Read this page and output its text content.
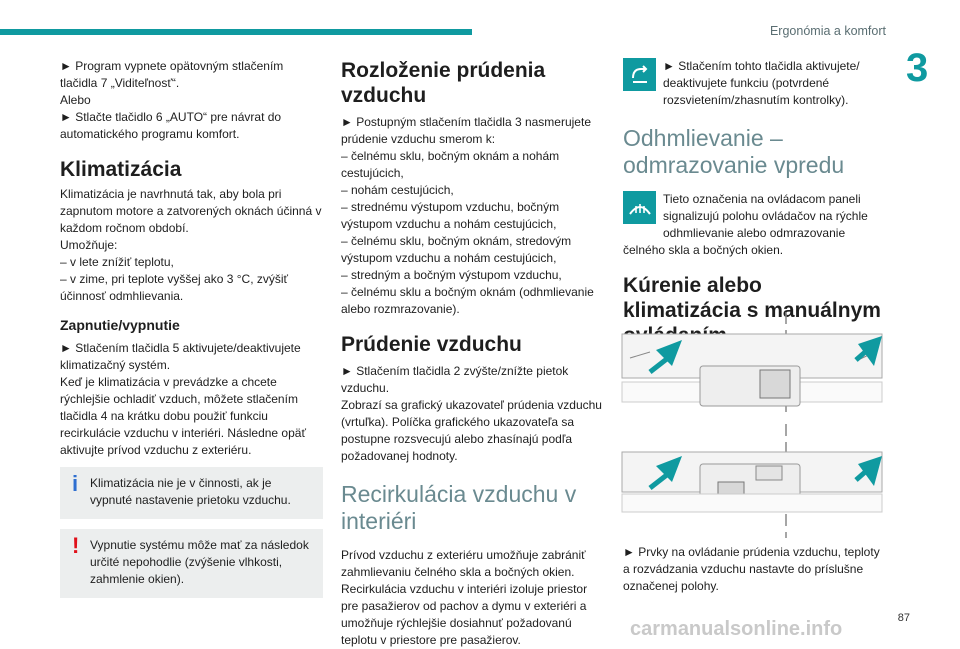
Ergonómia a komfort
3

► Program vypnete opätovným stlačením tlačidla 7 „Viditeľnosť“.

Alebo

► Stlačte tlačidlo 6 „AUTO“ pre návrat do automatického programu komfort.

Klimatizácia

Klimatizácia je navrhnutá tak, aby bola pri zapnutom motore a zatvorených oknách účinná v každom ročnom období.

Umožňuje:

– v lete znížiť teplotu,

– v zime, pri teplote vyššej ako 3 °C, zvýšiť účinnosť odmhlievania.

Zapnutie/vypnutie

► Stlačením tlačidla 5 aktivujete/deaktivujete klimatizačný systém.

Keď je klimatizácia v prevádzke a chcete rýchlejšie ochladiť vzduch, môžete stlačením tlačidla 4 na krátku dobu použiť funkciu recirkulácie vzduchu v interiéri. Následne opäť aktivujte prívod vzduchu z exteriéru.

i Klimatizácia nie je v činnosti, ak je vypnuté nastavenie prietoku vzduchu.
! Vypnutie systému môže mať za následok určité nepohodlie (zvýšenie vlhkosti, zahmlenie okien).
Rozloženie prúdenia vzduchu

► Postupným stlačením tlačidla 3 nasmerujete prúdenie vzduchu smerom k:

– čelnému sklu, bočným oknám a nohám cestujúcich,

– nohám cestujúcich,

– strednému výstupom vzduchu, bočným výstupom vzduchu a nohám cestujúcich,

– čelnému sklu, bočným oknám, stredovým výstupom vzduchu a nohám cestujúcich,

– stredným a bočným výstupom vzduchu,

– čelnému sklu a bočným oknám (odhmlievanie alebo rozmrazovanie).

Prúdenie vzduchu

► Stlačením tlačidla 2 zvýšte/znížte pietok vzduchu.

Zobrazí sa grafický ukazovateľ prúdenia vzduchu (vrtuľka). Políčka grafického ukazovateľa sa postupne rozsvecujú alebo zhasínajú podľa požadovanej hodnoty.

Recirkulácia vzduchu v interiéri

Prívod vzduchu z exteriéru umožňuje zabrániť zahmlievaniu čelného skla a bočných okien. Recirkulácia vzduchu v interiéri izoluje priestor pre pasažierov od pachov a dymu v exteriéri a umožňuje rýchlejšie dosiahnuť požadovanú teplotu v priestore pre pasažierov.

► Stlačením tohto tlačidla aktivujete/ deaktivujete funkciu (potvrdené rozsvietením/zhasnutím kontrolky).
Odhmlievanie – odmrazovanie vpredu
Tieto označenia na ovládacom paneli signalizujú polohu ovládačov na rýchle odhmlievanie alebo odmrazovanie čelného skla a bočných okien.
Kúrenie alebo klimatizácia s manuálnym

► Prvky na ovládanie prúdenia vzduchu, teploty a rozvádzania vzduchu nastavte do príslušne označenej polohy.

87
carmanualsonline.info
